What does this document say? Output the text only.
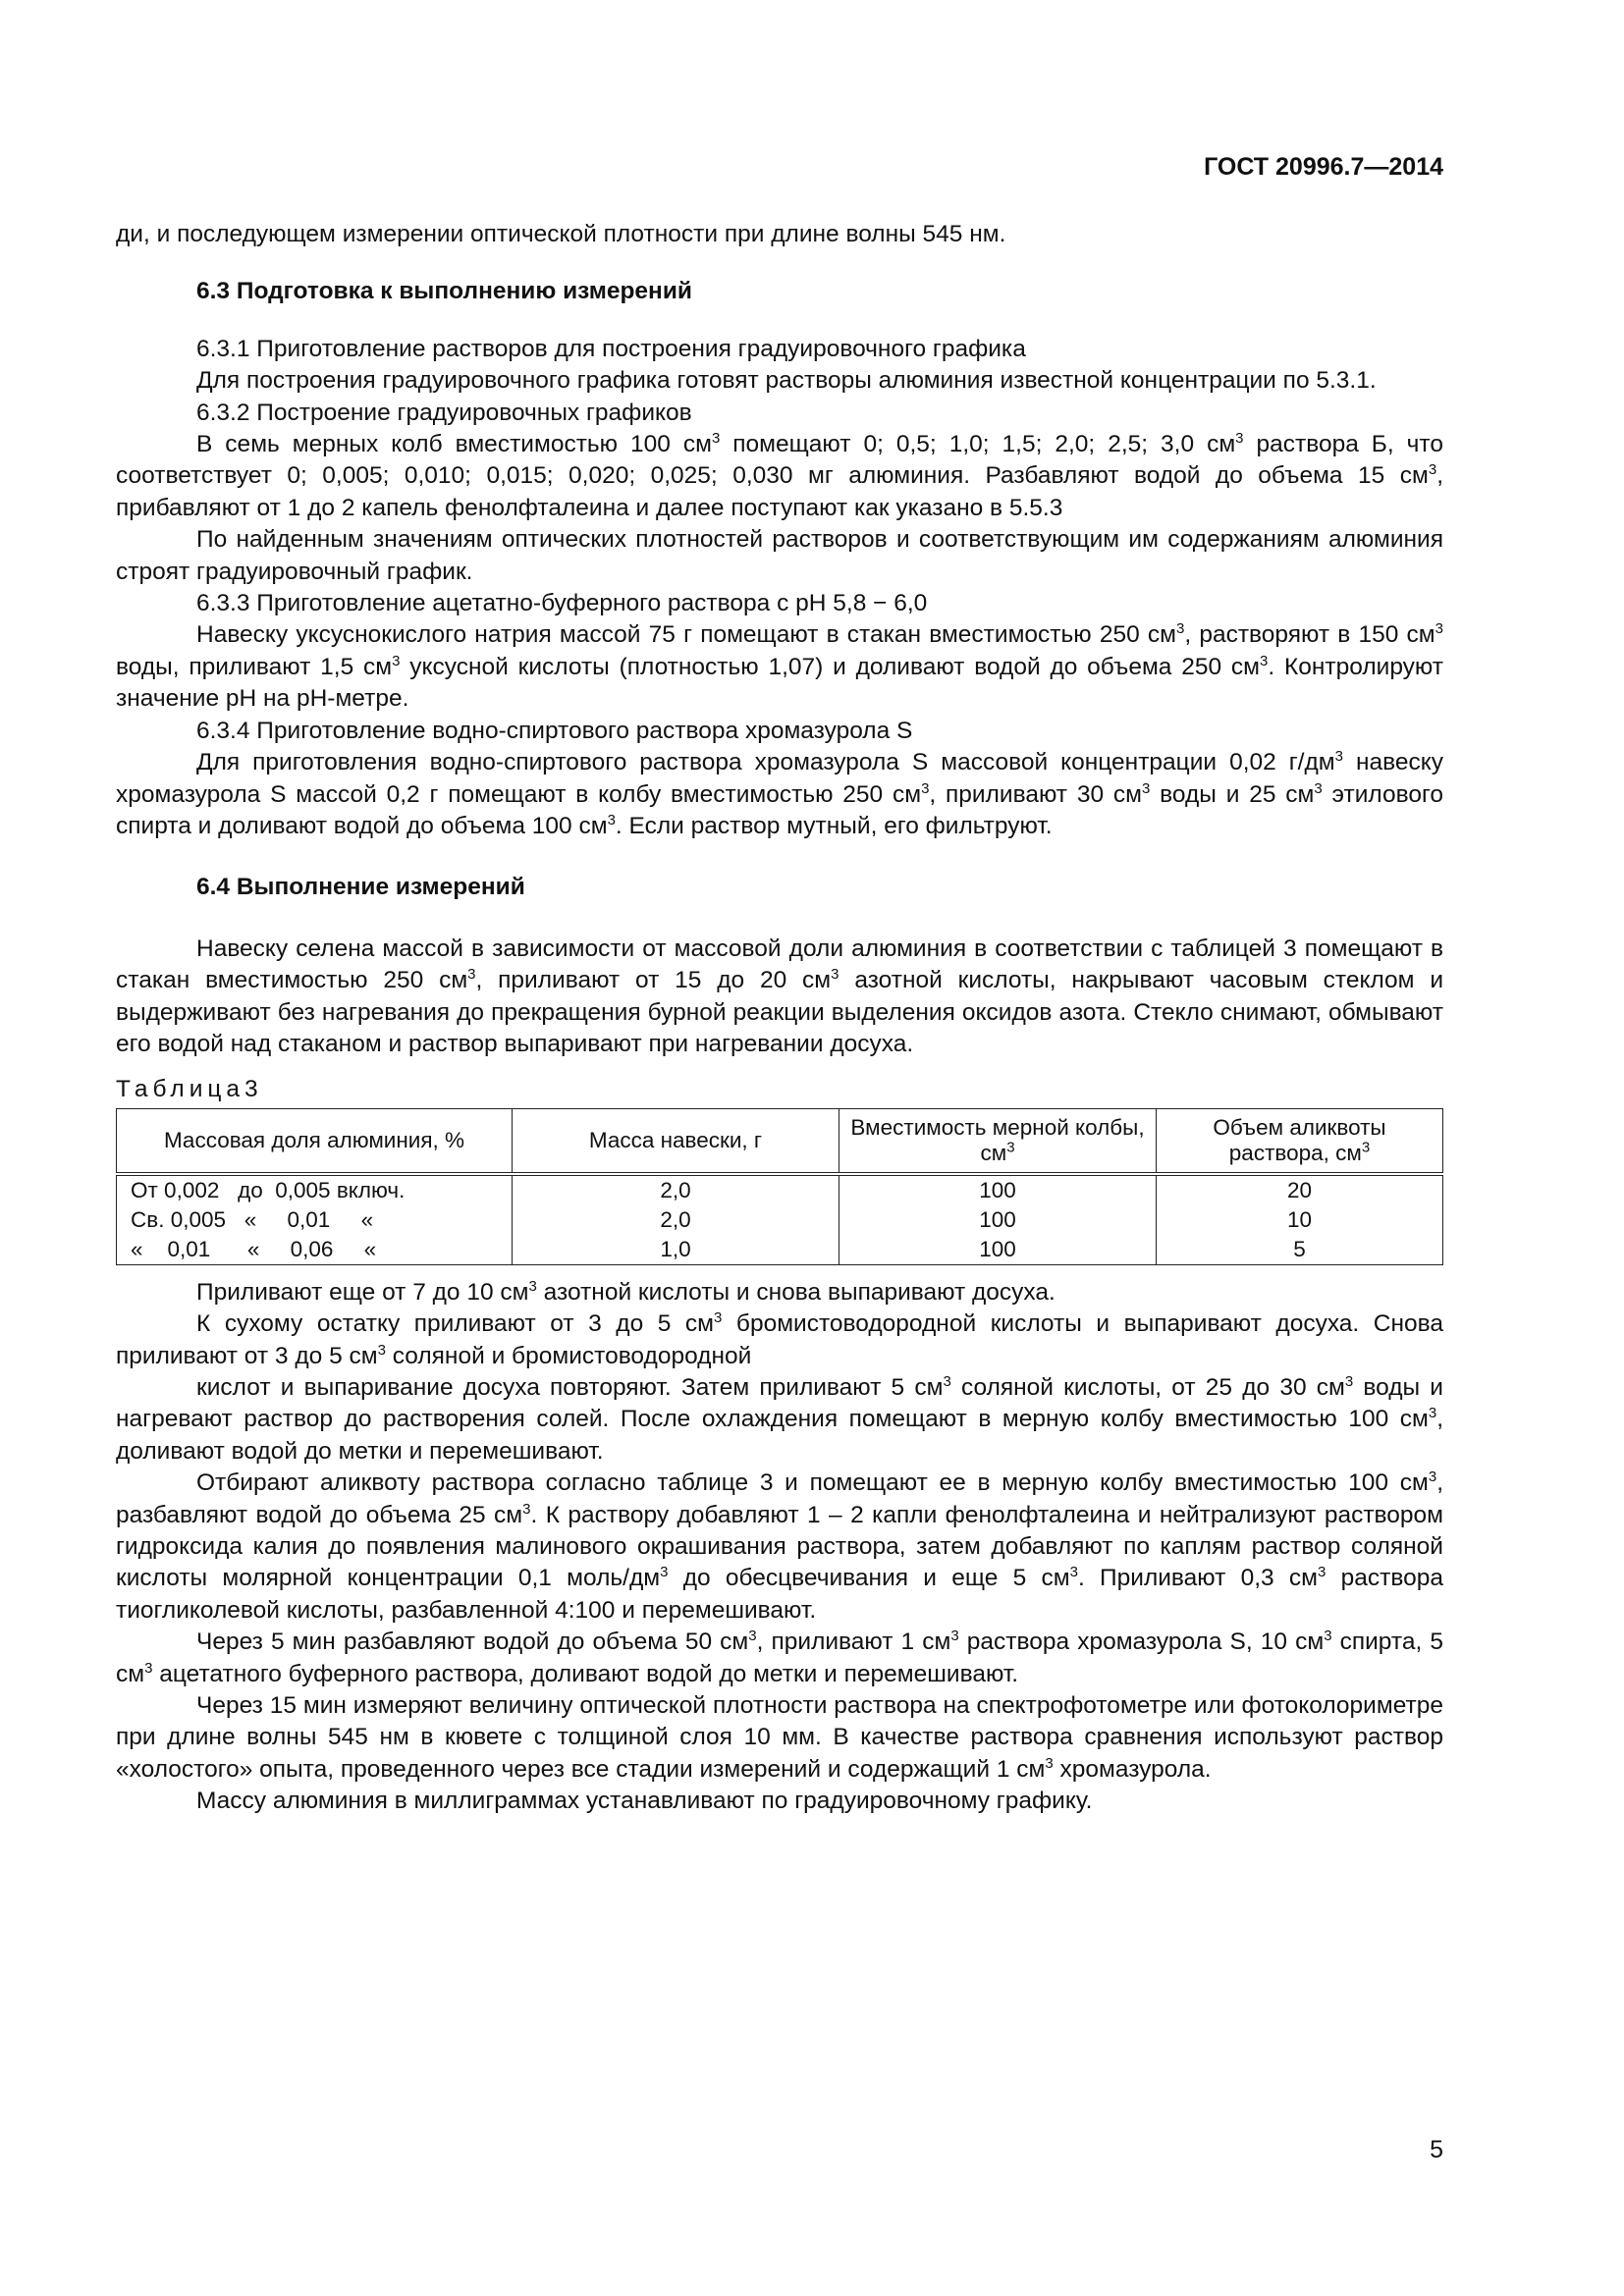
ГОСТ 20996.7—2014

ди, и последующем измерении оптической плотности при длине волны 545 нм.

6.3 Подготовка к выполнению измерений

6.3.1 Приготовление растворов для построения градуировочного графика

Для построения градуировочного графика готовят растворы алюминия известной концентрации по 5.3.1.

6.3.2 Построение градуировочных графиков

В семь мерных колб вместимостью 100 $см^3$ помещают 0; 0,5; 1,0; 1,5; 2,0; 2,5; 3,0 $см^3$ раствора Б, что соответствует 0; 0,005; 0,010; 0,015; 0,020; 0,025; 0,030 мг алюминия. Разбавляют водой до объема 15 $см^3$, прибавляют от 1 до 2 капель фенолфталеина и далее поступают как указано в 5.5.3

По найденным значениям оптических плотностей растворов и соответствующим им содержаниям алюминия строят градуировочный график.

6.3.3 Приготовление ацетатно-буферного раствора с рН 5,8 − 6,0

Навеску уксуснокислого натрия массой 75 г помещают в стакан вместимостью 250 $см^3$, растворяют в 150 $см^3$ воды, приливают 1,5 $см^3$ уксусной кислоты (плотностью 1,07) и доливают водой до объема 250 $см^3$. Контролируют значение рН на рН-метре.

6.3.4 Приготовление водно-спиртового раствора хромазурола S

Для приготовления водно-спиртового раствора хромазурола S массовой концентрации 0,02 $г/дм^3$ навеску хромазурола S массой 0,2 г помещают в колбу вместимостью 250 $см^3$, приливают 30 $см^3$ воды и 25 $см^3$ этилового спирта и доливают водой до объема 100 $см^3$. Если раствор мутный, его фильтруют.

6.4 Выполнение измерений

Навеску селена массой в зависимости от массовой доли алюминия в соответствии с таблицей 3 помещают в стакан вместимостью 250 $см^3$, приливают от 15 до 20 $см^3$ азотной кислоты, накрывают часовым стеклом и выдерживают без нагревания до прекращения бурной реакции выделения оксидов азота. Стекло снимают, обмывают его водой над стаканом и раствор выпаривают при нагревании досуха.

Таблица3

Массовая доля алюминия, %	Масса навески, г	Вместимость мерной колбы, $см^3$	Объем аликвоты раствора, $см^3$
От 0,002   до  0,005 включ.	2,0	100	20
Св. 0,005   «     0,01     «	2,0	100	10
«    0,01      «     0,06     «	1,0	100	5

Приливают еще от 7 до 10 $см^3$ азотной кислоты и снова выпаривают досуха.

К сухому остатку приливают от 3 до 5 $см^3$ бромистоводородной кислоты и выпаривают досуха. Снова приливают от 3 до 5 $см^3$ соляной и бромистоводородной

кислот и выпаривание досуха повторяют. Затем приливают 5 $см^3$ соляной кислоты, от 25 до 30 $см^3$ воды и нагревают раствор до растворения солей. После охлаждения помещают в мерную колбу вместимостью 100 $см^3$, доливают водой до метки и перемешивают.

Отбирают аликвоту раствора согласно таблице 3 и помещают ее в мерную колбу вместимостью 100 $см^3$, разбавляют водой до объема 25 $см^3$. К раствору добавляют 1 – 2 капли фенолфталеина и нейтрализуют раствором гидроксида калия до появления малинового окрашивания раствора, затем добавляют по каплям раствор соляной кислоты молярной концентрации 0,1 моль/$дм^3$ до обесцвечивания и еще 5 $см^3$. Приливают 0,3 $см^3$ раствора тиогликолевой кислоты, разбавленной 4:100 и перемешивают.

Через 5 мин разбавляют водой до объема 50 $см^3$, приливают 1 $см^3$ раствора хромазурола S, 10 $см^3$ спирта, 5 $см^3$ ацетатного буферного раствора, доливают водой до метки и перемешивают.

Через 15 мин измеряют величину оптической плотности раствора на спектрофотометре или фотоколориметре при длине волны 545 нм в кювете с толщиной слоя 10 мм. В качестве раствора сравнения используют раствор «холостого» опыта, проведенного через все стадии измерений и содержащий 1 $см^3$ хромазурола.

Массу алюминия в миллиграммах устанавливают по градуировочному графику.

5
